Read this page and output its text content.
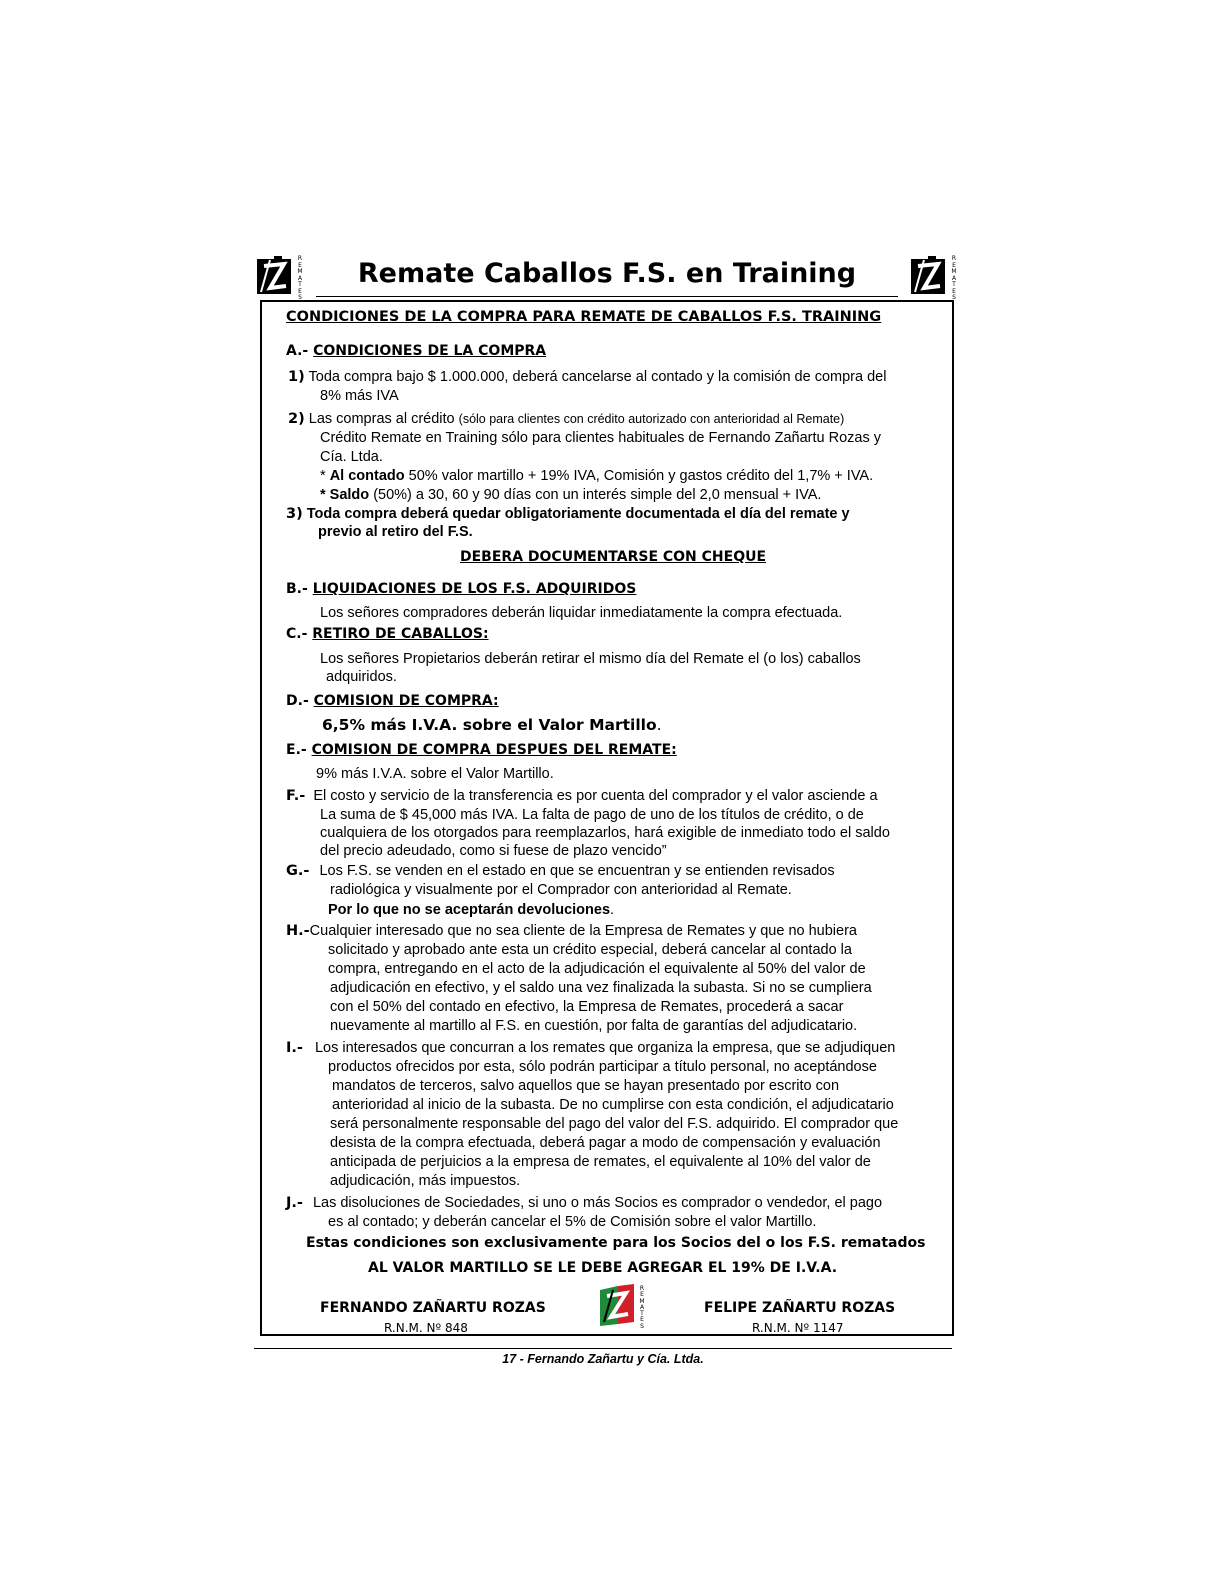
R
E
M
A
T
E
S
Remate Caballos F.S. en Training	R
E
M
A
T
E
S
CONDICIONES DE LA COMPRA PARA REMATE DE CABALLOS F.S. TRAINING
A.- CONDICIONES DE LA COMPRA
1) Toda compra bajo $ 1.000.000, deberá cancelarse al contado y la comisión de compra del
8% más IVA
2) Las compras al crédito (sólo para clientes con crédito autorizado con anterioridad al Remate)
Crédito Remate en Training sólo para clientes habituales de Fernando Zañartu Rozas y
Cía. Ltda.
* Al contado 50% valor martillo + 19% IVA, Comisión y gastos crédito del 1,7% + IVA.
* Saldo (50%) a 30, 60 y 90 días con un interés simple del 2,0 mensual + IVA.
3) Toda compra deberá quedar obligatoriamente documentada el día del remate y
previo al retiro del F.S.
DEBERA DOCUMENTARSE CON CHEQUE
B.- LIQUIDACIONES DE LOS F.S. ADQUIRIDOS
Los señores compradores deberán liquidar inmediatamente la compra efectuada.
C.- RETIRO DE CABALLOS:
Los señores Propietarios deberán retirar el mismo día del Remate el (o los) caballos
adquiridos.
D.- COMISION DE COMPRA:
6,5% más I.V.A. sobre el Valor Martillo.
E.- COMISION DE COMPRA DESPUES DEL REMATE:
9% más I.V.A. sobre el Valor Martillo.
F.- El costo y servicio de la transferencia es por cuenta del comprador y el valor asciende a
La suma de $ 45,000 más IVA. La falta de pago de uno de los títulos de crédito, o de
cualquiera de los otorgados para reemplazarlos, hará exigible de inmediato todo el saldo
del precio adeudado, como si fuese de plazo vencido”
G.- Los F.S. se venden en el estado en que se encuentran y se entienden revisados
radiológica y visualmente por el Comprador con anterioridad al Remate.
Por lo que no se aceptarán devoluciones.
H.-Cualquier interesado que no sea cliente de la Empresa de Remates y que no hubiera
solicitado y aprobado ante esta un crédito especial, deberá cancelar al contado la
compra, entregando en el acto de la adjudicación el equivalente al 50% del valor de
adjudicación en efectivo, y el saldo una vez finalizada la subasta. Si no se cumpliera
con el 50% del contado en efectivo, la Empresa de Remates, procederá a sacar
nuevamente al martillo al F.S. en cuestión, por falta de garantías del adjudicatario.
I.- Los interesados que concurran a los remates que organiza la empresa, que se adjudiquen
productos ofrecidos por esta, sólo podrán participar a título personal, no aceptándose
mandatos de terceros, salvo aquellos que se hayan presentado por escrito con
anterioridad al inicio de la subasta. De no cumplirse con esta condición, el adjudicatario
será personalmente responsable del pago del valor del F.S. adquirido. El comprador que
desista de la compra efectuada, deberá pagar a modo de compensación y evaluación
anticipada de perjuicios a la empresa de remates, el equivalente al 10% del valor de
adjudicación, más impuestos.
J.- Las disoluciones de Sociedades, si uno o más Socios es comprador o vendedor, el pago
es al contado; y deberán cancelar el 5% de Comisión sobre el valor Martillo.
Estas condiciones son exclusivamente para los Socios del o los F.S. rematados
AL VALOR MARTILLO SE LE DEBE AGREGAR EL 19% DE I.V.A.
FERNANDO ZAÑARTU ROZAS
R.N.M. Nº 848
R
E
M
A
T
E
S
FELIPE ZAÑARTU ROZAS
R.N.M. Nº 1147
17 - Fernando Zañartu y Cía. Ltda.
